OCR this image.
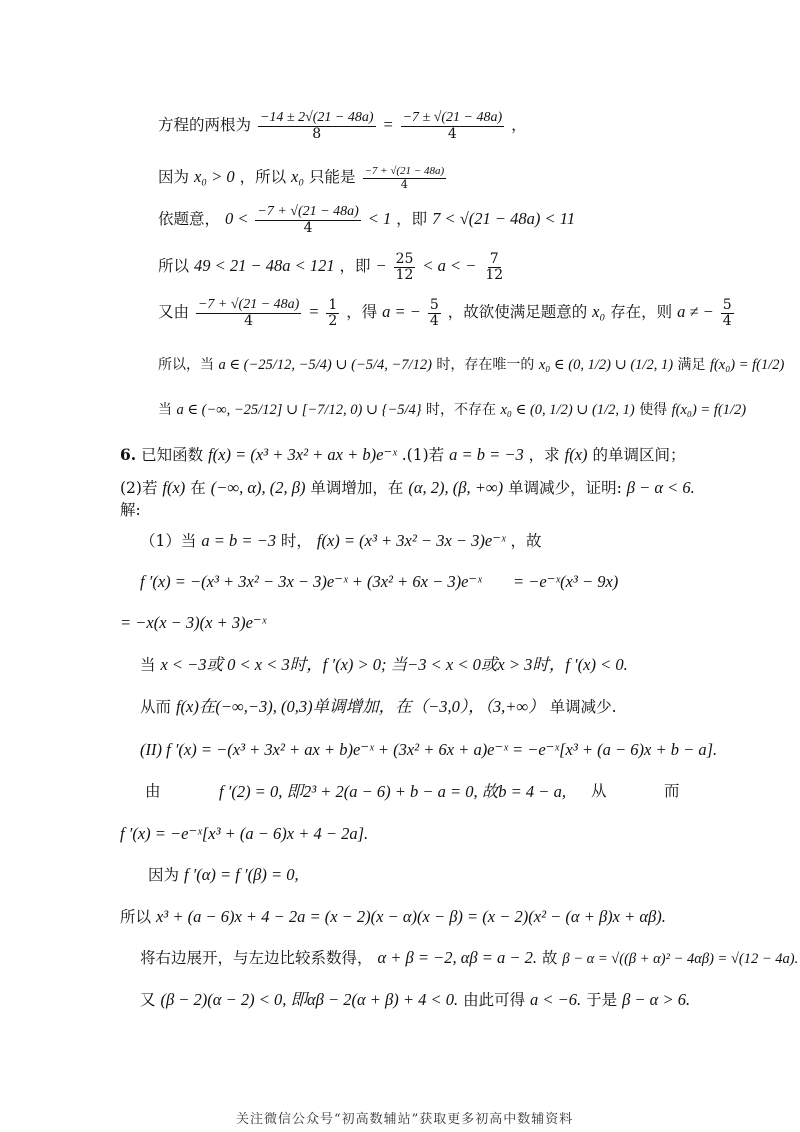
方程的两根为 $\frac{-14 \pm 2√(21 - 48a)}{8} = \frac{-7 \pm √(21 - 48a)}{4}$ ，
因为 x₀ > 0 ，所以 x₀ 只能是 $\frac{-7 + √(21 - 48a)}{4}$
依题意， $0 < \frac{-7 + √(21 - 48a)}{4} < 1$ ，即 7 < √(21 − 48a) < 11
所以 49 < 21 − 48a < 121 ，即 − $\frac{25}{12} < a$ < − $\frac{7}{12}$
又由 $\frac{-7 + √(21 - 48a)}{4} = \frac{1}{2}$ ，得 a = − $\frac{5}{4}$ ，故欲使满足题意的 x₀ 存在，则 a ≠ − $\frac{5}{4}$
所以，当 a ∈ (−25/12, −5/4) ∪ (−5/4, −7/12) 时，存在唯一的 x₀ ∈ (0, 1/2) ∪ (1/2, 1) 满足 f(x₀) = f(1/2)
当 a ∈ (−∞, −25/12] ∪ [−7/12, 0) ∪ {−5/4} 时，不存在 x₀ ∈ (0, 1/2) ∪ (1/2, 1) 使得 f(x₀) = f(1/2)
6. 已知函数 f(x) = (x³ + 3x² + ax + b)e⁻ˣ .(1)若 a = b = −3 ，求 f(x) 的单调区间；
(2)若 f(x) 在 (−∞, α), (2, β) 单调增加，在 (α, 2), (β, +∞) 单调减少，证明: β − α < 6.
解:
（1）当 a = b = −3 时， f(x) = (x³ + 3x² − 3x − 3)e⁻ˣ ，故
f ′(x) = −(x³ + 3x² − 3x − 3)e⁻ˣ + (3x² + 6x − 3)e⁻ˣ = −e⁻ˣ(x³ − 9x)
= −x(x − 3)(x + 3)e⁻ˣ
当 x < −3或 0 < x < 3时，f ′(x) > 0; 当−3 < x < 0或x > 3时，f ′(x) < 0.
从而 f(x)在(−∞,−3), (0,3)单调增加，在（−3,0），（3,+∞） 单调减少.
(II) f ′(x) = −(x³ + 3x² + ax + b)e⁻ˣ + (3x² + 6x + a)e⁻ˣ = −e⁻ˣ[x³ + (a − 6)x + b − a].
由	f ′(2) = 0, 即2³ + 2(a − 6) + b − a = 0, 故b = 4 − a, 从	而
f ′(x) = −e⁻ˣ[x³ + (a − 6)x + 4 − 2a].
因为 f ′(α) = f ′(β) = 0,
所以 x³ + (a − 6)x + 4 − 2a = (x − 2)(x − α)(x − β) = (x − 2)(x² − (α + β)x + αβ).
将右边展开，与左边比较系数得， α + β = −2, αβ = a − 2. 故 β − α = √((β + α)² − 4αβ) = √(12 − 4a).
又 (β − 2)(α − 2) < 0, 即αβ − 2(α + β) + 4 < 0. 由此可得 a < −6. 于是 β − α > 6.
关注微信公众号“初高数辅站”获取更多初高中数辅资料
